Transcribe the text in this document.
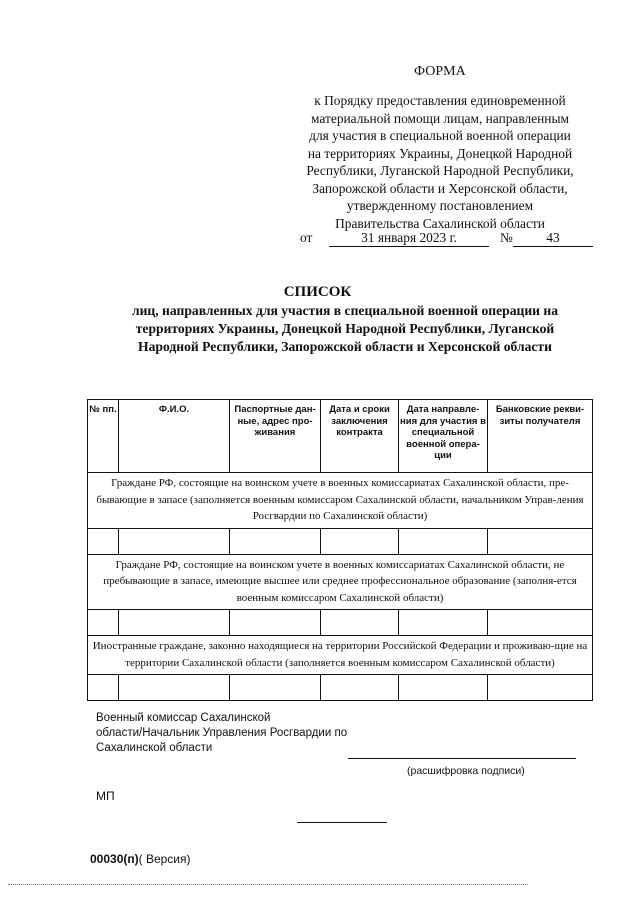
ФОРМА
к Порядку предоставления единовременной
материальной помощи лицам, направленным
для участия в специальной военной операции
на территориях Украины, Донецкой Народной
Республики, Луганской Народной Республики,
Запорожской области и Херсонской области,
утвержденному постановлением
Правительства Сахалинской области
от	31 января 2023 г.	№	43
СПИСОК
лиц, направленных для участия в специальной военной операции на
территориях Украины, Донецкой Народной Республики, Луганской
Народной Республики, Запорожской области и Херсонской области
№ пп.	Ф.И.О.	Паспортные дан-ные, адрес про-живания	Дата и сроки заключения контракта	Дата направле-ния для участия в специальной военной опера-ции	Банковские рекви-зиты получателя
Граждане РФ, состоящие на воинском учете в военных комиссариатах Сахалинской области, пре-бывающие в запасе (заполняется военным комиссаром Сахалинской области, начальником Управ-ления Росгвардии по Сахалинской области)					

Граждане РФ, состоящие на воинском учете в военных комиссариатах Сахалинской области, не пребывающие в запасе, имеющие высшее или среднее профессиональное образование (заполня-ется военным комиссаром Сахалинской области)					

Иностранные граждане, законно находящиеся на территории Российской Федерации и проживаю-щие на территории Сахалинской области (заполняется военным комиссаром Сахалинской области)					

Военный комиссар Сахалинской
области/Начальник Управления Росгвардии по
Сахалинской области
(расшифровка подписи)
МП
00030(п)( Версия)
